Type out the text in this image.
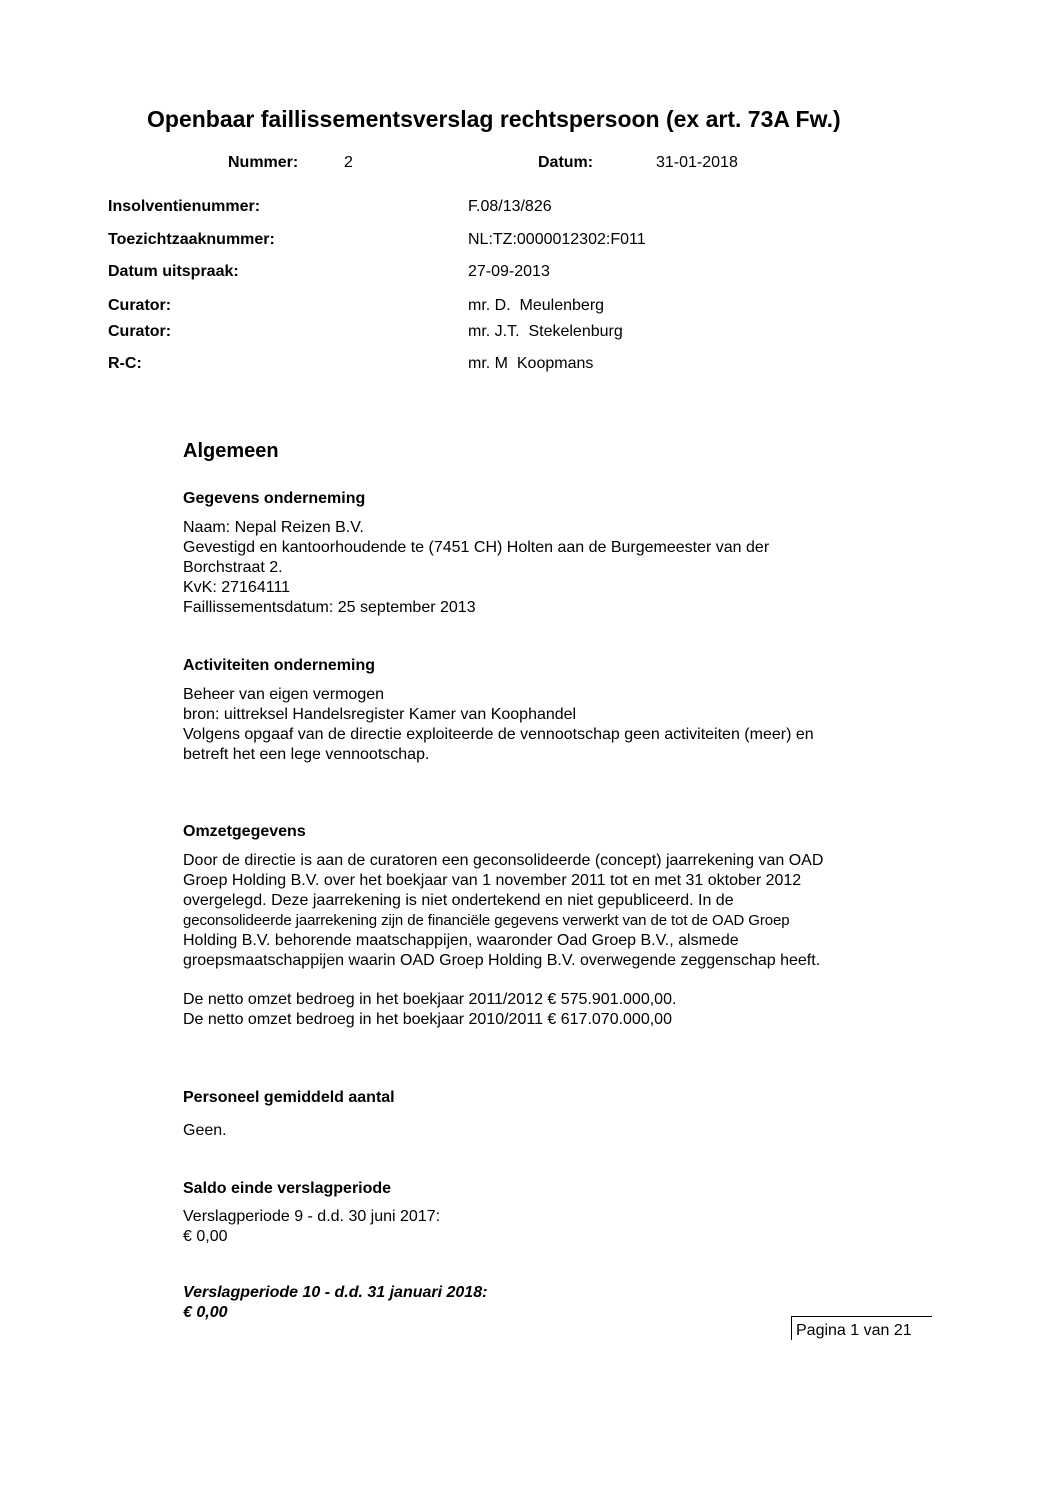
Openbaar faillissementsverslag rechtspersoon (ex art. 73A Fw.)
Nummer:	2	Datum:	31-01-2018
Insolventienummer:	F.08/13/826
Toezichtzaaknummer:	NL:TZ:0000012302:F011
Datum uitspraak:	27-09-2013
Curator:	mr. D.  Meulenberg
Curator:	mr. J.T.  Stekelenburg
R-C:	mr. M  Koopmans
Algemeen
Gegevens onderneming
Naam: Nepal Reizen B.V.
Gevestigd en kantoorhoudende te (7451 CH) Holten aan de Burgemeester van der
Borchstraat 2.
KvK: 27164111
Faillissementsdatum: 25 september 2013
Activiteiten onderneming
Beheer van eigen vermogen
bron: uittreksel Handelsregister Kamer van Koophandel
Volgens opgaaf van de directie exploiteerde de vennootschap geen activiteiten (meer) en
betreft het een lege vennootschap.
Omzetgegevens
Door de directie is aan de curatoren een geconsolideerde (concept) jaarrekening van OAD
Groep Holding B.V. over het boekjaar van 1 november 2011 tot en met 31 oktober 2012
overgelegd. Deze jaarrekening is niet ondertekend en niet gepubliceerd. In de
geconsolideerde jaarrekening zijn de financiële gegevens verwerkt van de tot de OAD Groep
Holding B.V. behorende maatschappijen, waaronder Oad Groep B.V., alsmede
groepsmaatschappijen waarin OAD Groep Holding B.V. overwegende zeggenschap heeft.
De netto omzet bedroeg in het boekjaar 2011/2012 € 575.901.000,00.
De netto omzet bedroeg in het boekjaar 2010/2011 € 617.070.000,00
Personeel gemiddeld aantal
Geen.
Saldo einde verslagperiode
Verslagperiode 9 - d.d. 30 juni 2017:
€ 0,00
Verslagperiode 10 - d.d. 31 januari 2018:
€ 0,00
Pagina 1 van 21
